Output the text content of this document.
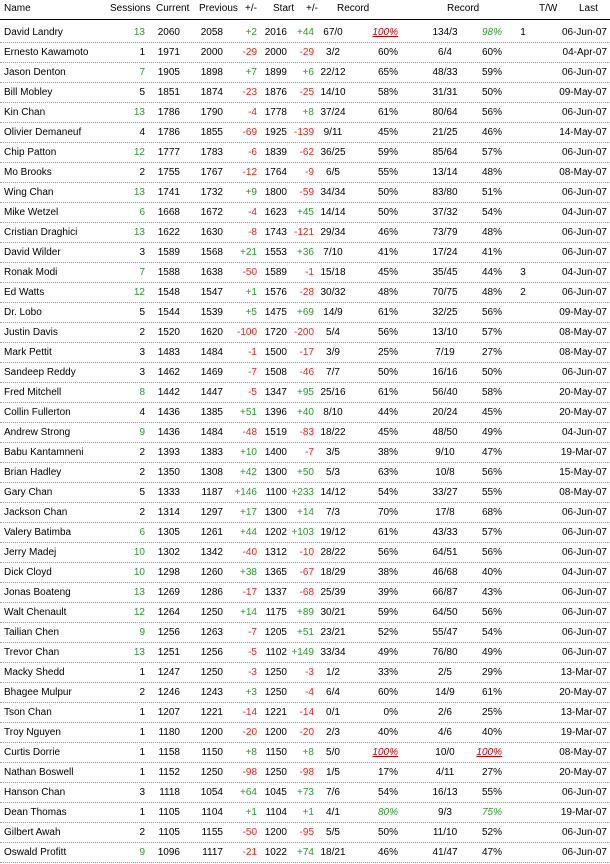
Name	Sessions Current Previous +/- Start +/- Record	Record	T/W Last
David Landry	13	2060	2058	+2 2016	+44 67/0	100%	134/3	98%	1	06-Jun-07
Ernesto Kawamoto	1	1971	2000	-29 2000	-29	3/2	60%	6/4	60%	04-Apr-07
Jason Denton	7	1905	1898	+7 1899	+6 22/12	65%	48/33	59%	06-Jun-07
Bill Mobley	5	1851	1874	-23 1876	-25 14/10	58%	31/31	50%	09-May-07
Kin Chan	13	1786	1790	-4 1778	+8 37/24	61%	80/64	56%	06-Jun-07
Olivier Demaneuf	4	1786	1855	-69 1925 -139 9/11	45%	21/25	46%	14-May-07
Chip Patton	12	1777	1783	-6 1839	-62 36/25	59%	85/64	57%	06-Jun-07
Mo Brooks	2	1755	1767	-12 1764	-9	6/5	55%	13/14	48%	08-May-07
Wing Chan	13	1741	1732	+9 1800	-59 34/34	50%	83/80	51%	06-Jun-07
Mike Wetzel	6	1668	1672	-4 1623	+45 14/14	50%	37/32	54%	04-Jun-07
Cristian Draghici	13	1622	1630	-8 1743 -121 29/34	46%	73/79	48%	06-Jun-07
David Wilder	3	1589	1568	+21 1553	+36 7/10	41%	17/24	41%	06-Jun-07
Ronak Modi	7	1588	1638	-50 1589	-1 15/18	45%	35/45	44%	3	04-Jun-07
Ed Watts	12	1548	1547	+1 1576	-28 30/32	48%	70/75	48%	2	06-Jun-07
Dr. Lobo	5	1544	1539	+5 1475	+69 14/9	61%	32/25	56%	09-May-07
Justin Davis	2	1520	1620	-100 1720 -200	5/4	56%	13/10	57%	08-May-07
Mark Pettit	3	1483	1484	-1 1500	-17	3/9	25%	7/19	27%	08-May-07
Sandeep Reddy	3	1462	1469	-7 1508	-46	7/7	50%	16/16	50%	06-Jun-07
Fred Mitchell	8	1442	1447	-5 1347	+95 25/16	61%	56/40	58%	20-May-07
Collin Fullerton	4	1436	1385	+51 1396	+40 8/10	44%	20/24	45%	20-May-07
Andrew Strong	9	1436	1484	-48 1519	-83 18/22	45%	48/50	49%	04-Jun-07
Babu Kantamneni	2	1393	1383	+10 1400	-7	3/5	38%	9/10	47%	19-Mar-07
Brian Hadley	2	1350	1308	+42 1300	+50	5/3	63%	10/8	56%	15-May-07
Gary Chan	5	1333	1187	+146 1100 +233 14/12	54%	33/27	55%	08-May-07
Jackson Chan	2	1314	1297	+17 1300	+14	7/3	70%	17/8	68%	06-Jun-07
Valery Batimba	6	1305	1261	+44 1202 +103 19/12	61%	43/33	57%	06-Jun-07
Jerry Madej	10	1302	1342	-40 1312	-10 28/22	56%	64/51	56%	06-Jun-07
Dick Cloyd	10	1298	1260	+38 1365	-67 18/29	38%	46/68	40%	04-Jun-07
Jonas Boateng	13	1269	1286	-17 1337	-68 25/39	39%	66/87	43%	06-Jun-07
Walt Chenault	12	1264	1250	+14 1175	+89 30/21	59%	64/50	56%	06-Jun-07
Tailian Chen	9	1256	1263	-7 1205	+51 23/21	52%	55/47	54%	06-Jun-07
Trevor Chan	13	1251	1256	-5 1102 +149 33/34	49%	76/80	49%	06-Jun-07
Macky Shedd	1	1247	1250	-3 1250	-3	1/2	33%	2/5	29%	13-Mar-07
Bhagee Mulpur	2	1246	1243	+3 1250	-4	6/4	60%	14/9	61%	20-May-07
Tson Chan	1	1207	1221	-14 1221	-14	0/1	0%	2/6	25%	13-Mar-07
Troy Nguyen	1	1180	1200	-20 1200	-20	2/3	40%	4/6	40%	19-Mar-07
Curtis Dorrie	1	1158	1150	+8 1150	+8	5/0	100%	10/0	100%	08-May-07
Nathan Boswell	1	1152	1250	-98 1250	-98	1/5	17%	4/11	27%	20-May-07
Hanson Chan	3	1118	1054	+64 1045	+73	7/6	54%	16/13	55%	06-Jun-07
Dean Thomas	1	1105	1104	+1 1104	+1	4/1	80%	9/3	75%	19-Mar-07
Gilbert Awah	2	1105	1155	-50 1200	-95	5/5	50%	11/10	52%	06-Jun-07
Oswald Profitt	9	1096	1117	-21 1022	+74 18/21	46%	41/47	47%	06-Jun-07
